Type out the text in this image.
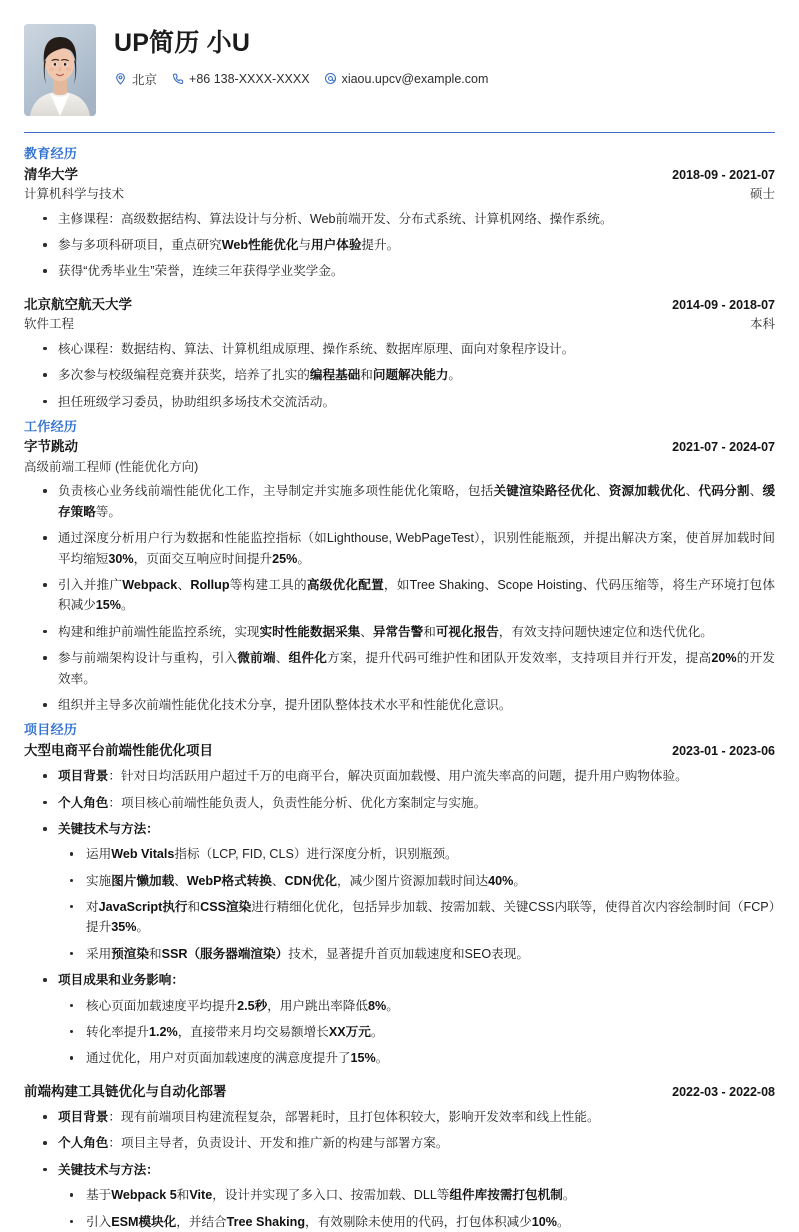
UP简历 小U
北京	+86 138-XXXX-XXXX	xiaou.upcv@example.com
教育经历
清华大学	2018-09 - 2021-07
计算机科学与技术	硕士
主修课程：高级数据结构、算法设计与分析、Web前端开发、分布式系统、计算机网络、操作系统。
参与多项科研项目，重点研究Web性能优化与用户体验提升。
获得“优秀毕业生”荣誉，连续三年获得学业奖学金。
北京航空航天大学	2014-09 - 2018-07
软件工程	本科
核心课程：数据结构、算法、计算机组成原理、操作系统、数据库原理、面向对象程序设计。
多次参与校级编程竞赛并获奖，培养了扎实的编程基础和问题解决能力。
担任班级学习委员，协助组织多场技术交流活动。
工作经历
字节跳动	2021-07 - 2024-07
高级前端工程师 (性能优化方向)
负责核心业务线前端性能优化工作，主导制定并实施多项性能优化策略，包括关键渲染路径优化、资源加载优化、代码分割、缓存策略等。
通过深度分析用户行为数据和性能监控指标（如Lighthouse, WebPageTest），识别性能瓶颈，并提出解决方案，使首屏加载时间平均缩短30%，页面交互响应时间提升25%。
引入并推广Webpack、Rollup等构建工具的高级优化配置，如Tree Shaking、Scope Hoisting、代码压缩等，将生产环境打包体积减少15%。
构建和维护前端性能监控系统，实现实时性能数据采集、异常告警和可视化报告，有效支持问题快速定位和迭代优化。
参与前端架构设计与重构，引入微前端、组件化方案，提升代码可维护性和团队开发效率，支持项目并行开发，提高20%的开发效率。
组织并主导多次前端性能优化技术分享，提升团队整体技术水平和性能优化意识。
项目经历
大型电商平台前端性能优化项目	2023-01 - 2023-06
项目背景：针对日均活跃用户超过千万的电商平台，解决页面加载慢、用户流失率高的问题，提升用户购物体验。
个人角色：项目核心前端性能负责人，负责性能分析、优化方案制定与实施。
关键技术与方法：
运用Web Vitals指标（LCP, FID, CLS）进行深度分析，识别瓶颈。
实施图片懒加载、WebP格式转换、CDN优化，减少图片资源加载时间达40%。
对JavaScript执行和CSS渲染进行精细化优化，包括异步加载、按需加载、关键CSS内联等，使得首次内容绘制时间（FCP）提升35%。
采用预渲染和SSR（服务器端渲染）技术，显著提升首页加载速度和SEO表现。
项目成果和业务影响：
核心页面加载速度平均提升2.5秒，用户跳出率降低8%。
转化率提升1.2%，直接带来月均交易额增长XX万元。
通过优化，用户对页面加载速度的满意度提升了15%。
前端构建工具链优化与自动化部署	2022-03 - 2022-08
项目背景：现有前端项目构建流程复杂，部署耗时，且打包体积较大，影响开发效率和线上性能。
个人角色：项目主导者，负责设计、开发和推广新的构建与部署方案。
关键技术与方法：
基于Webpack 5和Vite，设计并实现了多入口、按需加载、DLL等组件库按需打包机制。
引入ESM模块化，并结合Tree Shaking，有效剔除未使用的代码，打包体积减少10%。
